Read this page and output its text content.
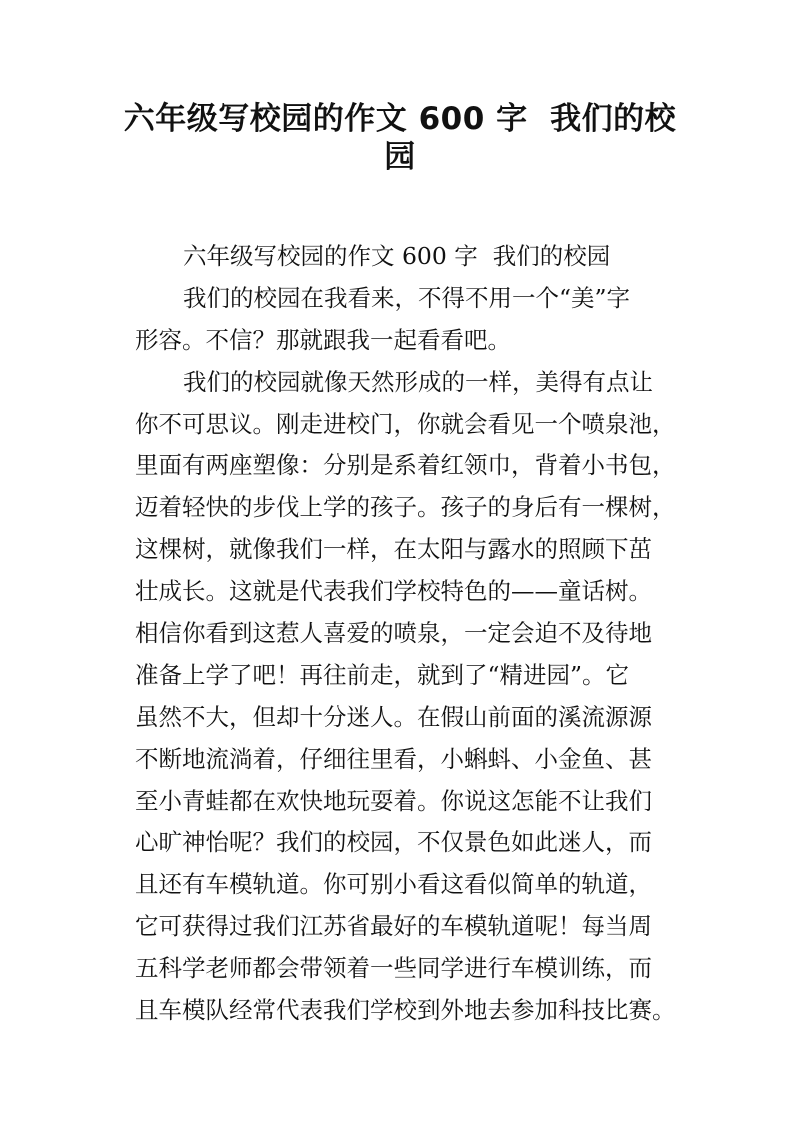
六年级写校园的作文 600 字  我们的校
园
六年级写校园的作文 600 字  我们的校园
我们的校园在我看来，不得不用一个“美”字
形容。不信？那就跟我一起看看吧。
我们的校园就像天然形成的一样，美得有点让
你不可思议。刚走进校门，你就会看见一个喷泉池，
里面有两座塑像：分别是系着红领巾，背着小书包，
迈着轻快的步伐上学的孩子。孩子的身后有一棵树，
这棵树，就像我们一样，在太阳与露水的照顾下茁
壮成长。这就是代表我们学校特色的——童话树。
相信你看到这惹人喜爱的喷泉，一定会迫不及待地
准备上学了吧！再往前走，就到了“精进园”。它
虽然不大，但却十分迷人。在假山前面的溪流源源
不断地流淌着，仔细往里看，小蝌蚪、小金鱼、甚
至小青蛙都在欢快地玩耍着。你说这怎能不让我们
心旷神怡呢？我们的校园，不仅景色如此迷人，而
且还有车模轨道。你可别小看这看似简单的轨道，
它可获得过我们江苏省最好的车模轨道呢！每当周
五科学老师都会带领着一些同学进行车模训练，而
且车模队经常代表我们学校到外地去参加科技比赛。
